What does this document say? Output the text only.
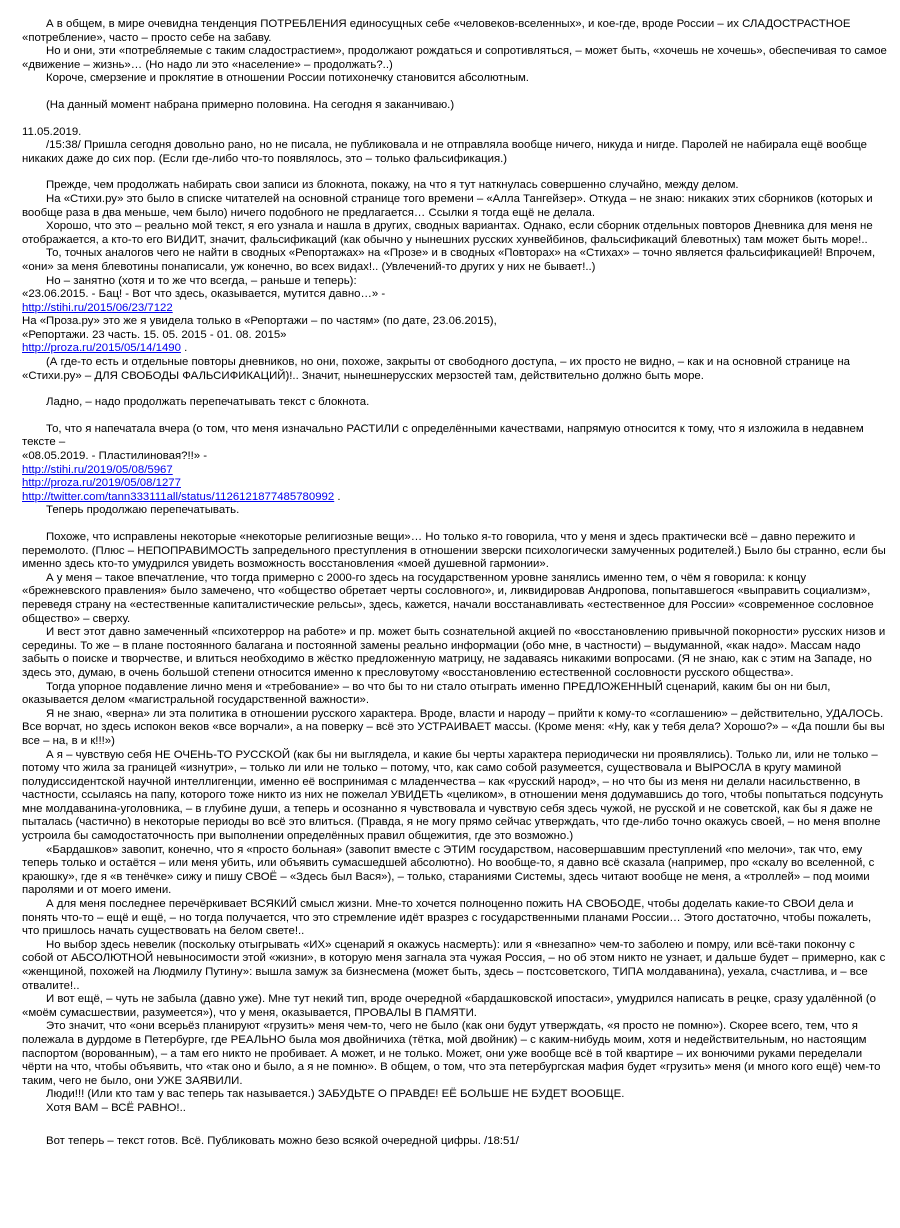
А в общем, в мире очевидна тенденция ПОТРЕБЛЕНИЯ единосущных себе «человеков-вселенных», и кое-где, вроде России – их СЛАДОСТРАСТНОЕ «потребление», часто – просто себе на забаву.
Но и они, эти «потребляемые с таким сладострастием», продолжают рождаться и сопротивляться, – может быть, «хочешь не хочешь», обеспечивая то самое «движение – жизнь»… (Но надо ли это «население» – продолжать?..)
Короче, смерзение и проклятие в отношении России потихонечку становится абсолютным.
(На данный момент набрана примерно половина. На сегодня я заканчиваю.)
11.05.2019.
/15:38/ Пришла сегодня довольно рано, но не писала, не публиковала и не отправляла вообще ничего, никуда и нигде. Паролей не набирала ещё вообще никаких даже до сих пор. (Если где-либо что-то появлялось, это – только фальсификация.)
Прежде, чем продолжать набирать свои записи из блокнота, покажу, на что я тут наткнулась совершенно случайно, между делом.
На «Стихи.ру» это было в списке читателей на основной странице того времени – «Алла Тангейзер». Откуда – не знаю: никаких этих сборников (которых и вообще раза в два меньше, чем было) ничего подобного не предлагается… Ссылки я тогда ещё не делала.
Хорошо, что это – реально мой текст, я его узнала и нашла в других, сводных вариантах. Однако, если сборник отдельных повторов Дневника для меня не отображается, а кто-то его ВИДИТ, значит, фальсификаций (как обычно у нынешних русских хунвейбинов, фальсификаций блевотных) там может быть море!..
То, точных аналогов чего не найти в сводных «Репортажах» на «Прозе» и в сводных «Повторах» на «Стихах» – точно является фальсификацией! Впрочем, «они» за меня блевотины понаписали, уж конечно, во всех видах!.. (Увлечений-то других у них не бывает!..)
Но – занятно (хотя и то же что всегда, – раньше и теперь):
«23.06.2015. - Бац! - Вот что здесь, оказывается, мутится давно…» -
http://stihi.ru/2015/06/23/7122
На «Проза.ру» это же я увидела только в «Репортажи – по частям» (по дате, 23.06.2015),
«Репортажи. 23 часть. 15. 05. 2015 - 01. 08. 2015»
http://proza.ru/2015/05/14/1490 .
(А где-то есть и отдельные повторы дневников, но они, похоже, закрыты от свободного доступа, – их просто не видно, – как и на основной странице на «Стихи.ру» – ДЛЯ СВОБОДЫ ФАЛЬСИФИКАЦИЙ)!.. Значит, нынешнерусских мерзостей там, действительно должно быть море.
Ладно, – надо продолжать перепечатывать текст с блокнота.
То, что я напечатала вчера (о том, что меня изначально РАСТИЛИ с определёнными качествами, напрямую относится к тому, что я изложила в недавнем тексте –
«08.05.2019. - Пластилиновая?!!» -
http://stihi.ru/2019/05/08/5967
http://proza.ru/2019/05/08/1277
http://twitter.com/tann333111all/status/1126121877485780992 .
Теперь продолжаю перепечатывать.
Похоже, что исправлены некоторые «некоторые религиозные вещи»… Но только я-то говорила, что у меня и здесь практически всё – давно пережито и перемолото. (Плюс – НЕПОПРАВИМОСТЬ запредельного преступления в отношении зверски психологически замученных родителей.) Было бы странно, если бы именно здесь кто-то умудрился увидеть возможность восстановления «моей душевной гармонии».
А у меня – такое впечатление, что тогда примерно с 2000-го здесь на государственном уровне занялись именно тем, о чём я говорила: к концу «брежневского правления» было замечено, что «общество обретает черты сословного», и, ликвидировав Андропова, попытавшегося «выправить социализм», переведя страну на «естественные капиталистические рельсы», здесь, кажется, начали восстанавливать «естественное для России» «современное сословное общество» – сверху.
И вест этот давно замеченный «психотеррор на работе» и пр. может быть сознательной акцией по «восстановлению привычной покорности» русских низов и середины. То же – в плане постоянного балагана и постоянной замены реально информации (обо мне, в частности) – выдуманной, «как надо». Массам надо забыть о поиске и творчестве, и влиться необходимо в жёстко предложенную матрицу, не задаваясь никакими вопросами. (Я не знаю, как с этим на Западе, но здесь это, думаю, в очень большой степени относится именно к пресловутому «восстановлению естественной сословности русского общества».
Тогда упорное подавление лично меня и «требование» – во что бы то ни стало отыграть именно ПРЕДЛОЖЕННЫЙ сценарий, каким бы он ни был, оказывается делом «магистральной государственной важности».
Я не знаю, «верна» ли эта политика в отношении русского характера. Вроде, власти и народу – прийти к кому-то «соглашению» – действительно, УДАЛОСЬ. Все ворчат, но здесь испокон веков «все ворчали», а на поверку – всё это УСТРАИВАЕТ массы. (Кроме меня: «Ну, как у тебя дела? Хорошо?» – «Да пошли бы вы все – на, в и к!!!»)
А я – чувствую себя НЕ ОЧЕНЬ-ТО РУССКОЙ (как бы ни выглядела, и какие бы черты характера периодически ни проявлялись). Только ли, или не только – потому что жила за границей «изнутри», – только ли или не только – потому, что, как само собой разумеется, существовала и ВЫРОСЛА в кругу маминой полудиссидентской научной интеллигенции, именно её воспринимая с младенчества – как «русский народ», – но что бы из меня ни делали насильственно, в частности, ссылаясь на папу, которого тоже никто из них не пожелал УВИДЕТЬ «целиком», в отношении меня додумавшись до того, чтобы попытаться подсунуть мне молдаванина-уголовника, – в глубине души, а теперь и осознанно я чувствовала и чувствую себя здесь чужой, не русской и не советской, как бы я даже не пыталась (частично) в некоторые периоды во всё это влиться. (Правда, я не могу прямо сейчас утверждать, что где-либо точно окажусь своей, – но меня вполне устроила бы самодостаточность при выполнении определённых правил общежития, где это возможно.)
«Бардашков» завопит, конечно, что я «просто больная» (завопит вместе с ЭТИМ государством, насовершавшим преступлений «по мелочи», так что, ему теперь только и остаётся – или меня убить, или объявить сумасшедшей абсолютно). Но вообще-то, я давно всё сказала (например, про «скалу во вселенной, с краюшку», где я «в тенёчке» сижу и пишу СВОЁ – «Здесь был Вася»), – только, стараниями Системы, здесь читают вообще не меня, а «троллей» – под моими паролями и от моего имени.
А для меня последнее перечёркивает ВСЯКИЙ смысл жизни. Мне-то хочется полноценно пожить НА СВОБОДЕ, чтобы доделать какие-то СВОИ дела и понять что-то – ещё и ещё, – но тогда получается, что это стремление идёт вразрез с государственными планами России… Этого достаточно, чтобы пожалеть, что пришлось начать существовать на белом свете!..
Но выбор здесь невелик (поскольку отыгрывать «ИХ» сценарий я окажусь насмерть): или я «внезапно» чем-то заболею и помру, или всё-таки покончу с собой от АБСОЛЮТНОЙ невыносимости этой «жизни», в которую меня загнала эта чужая Россия, – но об этом никто не узнает, и дальше будет – примерно, как с «женщиной, похожей на Людмилу Путину»: вышла замуж за бизнесмена (может быть, здесь – постсоветского, ТИПА молдаванина), уехала, счастлива, и – все отвалите!..
И вот ещё, – чуть не забыла (давно уже). Мне тут некий тип, вроде очередной «бардашковской ипостаси», умудрился написать в рецке, сразу удалённой (о «моём сумасшествии, разумеется»), что у меня, оказывается, ПРОВАЛЫ В ПАМЯТИ.
Это значит, что «они всерьёз планируют «грузить» меня чем-то, чего не было (как они будут утверждать, «я просто не помню»). Скорее всего, тем, что я полежала в дурдоме в Петербурге, где РЕАЛЬНО была моя двойничиха (тётка, мой двойник) – с каким-нибудь моим, хотя и недействительным, но настоящим паспортом (ворованным), – а там его никто не пробивает. А может, и не только. Может, они уже вообще всё в той квартире – их вонючими руками переделали чёрти на что, чтобы объявить, что «так оно и было, а я не помню». В общем, о том, что эта петербургская мафия будет «грузить» меня (и много кого ещё) чем-то таким, чего не было, они УЖЕ ЗАЯВИЛИ.
Люди!!! (Или кто там у вас теперь так называется.) ЗАБУДЬТЕ О ПРАВДЕ! ЕЁ БОЛЬШЕ НЕ БУДЕТ ВООБЩЕ.
Хотя ВАМ – ВСЁ РАВНО!..
Вот теперь – текст готов. Всё. Публиковать можно безо всякой очередной цифры. /18:51/
